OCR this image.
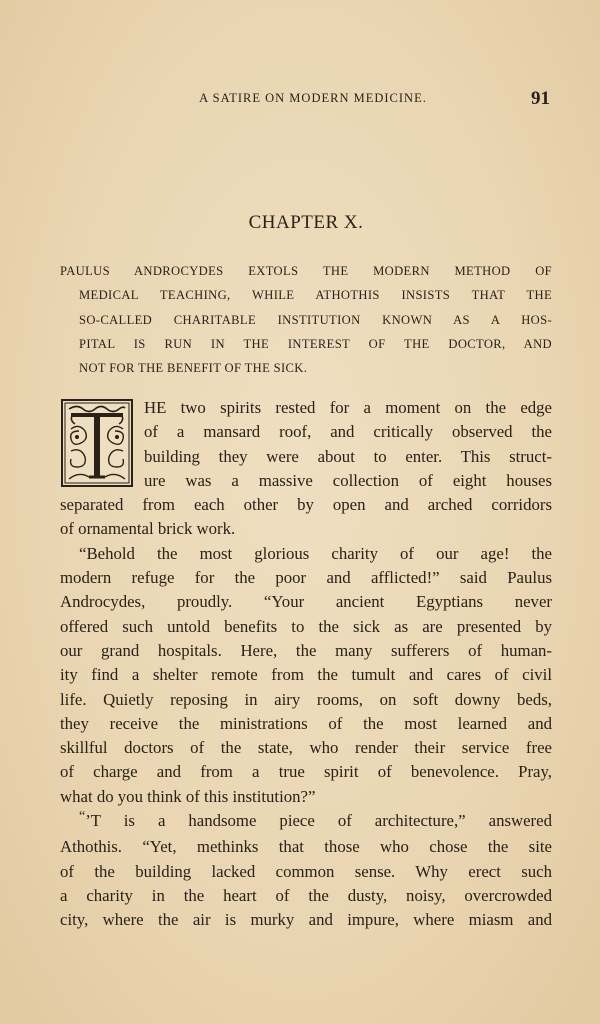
A SATIRE ON MODERN MEDICINE.	91
CHAPTER X.
PAULUS ANDROCYDES EXTOLS THE MODERN METHOD OF
MEDICAL TEACHING, WHILE ATHOTHIS INSISTS THAT THE
SO-CALLED CHARITABLE INSTITUTION KNOWN AS A HOS-
PITAL IS RUN IN THE INTEREST OF THE DOCTOR, AND
NOT FOR THE BENEFIT OF THE SICK.
HE two spirits rested for a moment on the edge
of a mansard roof, and critically observed the
building they were about to enter. This struct-
ure was a massive collection of eight houses
separated from each other by open and arched corridors
of ornamental brick work.
“Behold the most glorious charity of our age! the
modern refuge for the poor and afflicted!” said Paulus
Androcydes, proudly. “Your ancient Egyptians never
offered such untold benefits to the sick as are presented by
our grand hospitals. Here, the many sufferers of human-
ity find a shelter remote from the tumult and cares of civil
life. Quietly reposing in airy rooms, on soft downy beds,
they receive the ministrations of the most learned and
skillful doctors of the state, who render their service free
of charge and from a true spirit of benevolence. Pray,
what do you think of this institution?”
“’T is a handsome piece of architecture,” answered
Athothis. “Yet, methinks that those who chose the site
of the building lacked common sense. Why erect such
a charity in the heart of the dusty, noisy, overcrowded
city, where the air is murky and impure, where miasm and
